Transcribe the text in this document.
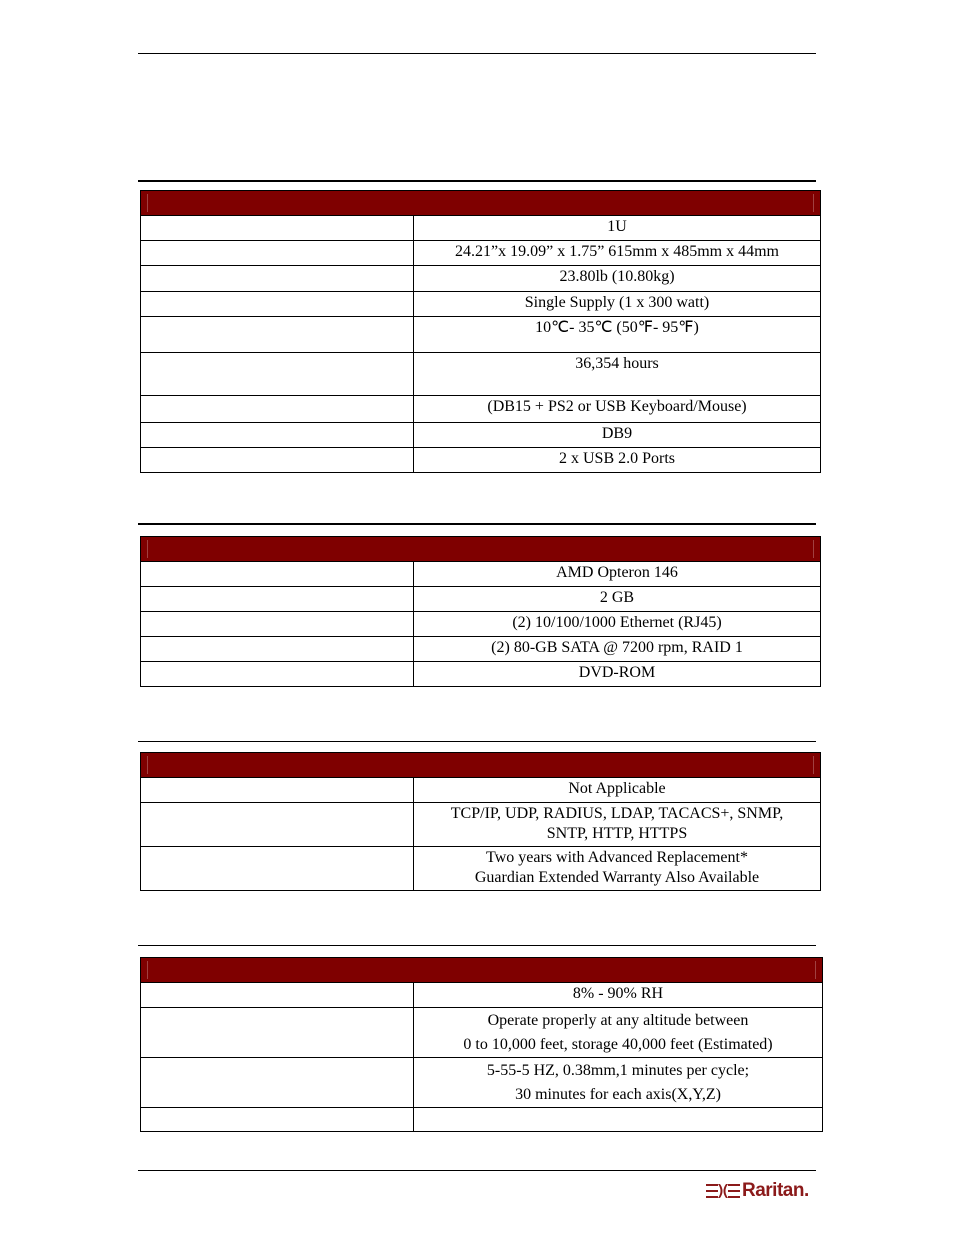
	1U

	24.21”x 19.09” x 1.75” 615mm x 485mm x 44mm

	23.80lb (10.80kg)

	Single Supply (1 x 300 watt)

	10℃- 35℃ (50℉- 95℉)

	36,354 hours

	(DB15 + PS2 or USB Keyboard/Mouse)

	DB9

	2 x USB 2.0 Ports

	AMD Opteron 146

	2 GB

	(2) 10/100/1000 Ethernet (RJ45)

	(2) 80-GB SATA @ 7200 rpm, RAID 1

	DVD-ROM

	Not Applicable

	TCP/IP, UDP, RADIUS, LDAP, TACACS+, SNMP,
SNTP, HTTP, HTTPS

	Two years with Advanced Replacement*
Guardian Extended Warranty Also Available

	8% - 90% RH

	Operate properly at any altitude between
0 to 10,000 feet, storage 40,000 feet (Estimated)

	5-55-5 HZ, 0.38mm,1 minutes per cycle;
30 minutes for each axis(X,Y,Z)

Raritan.
